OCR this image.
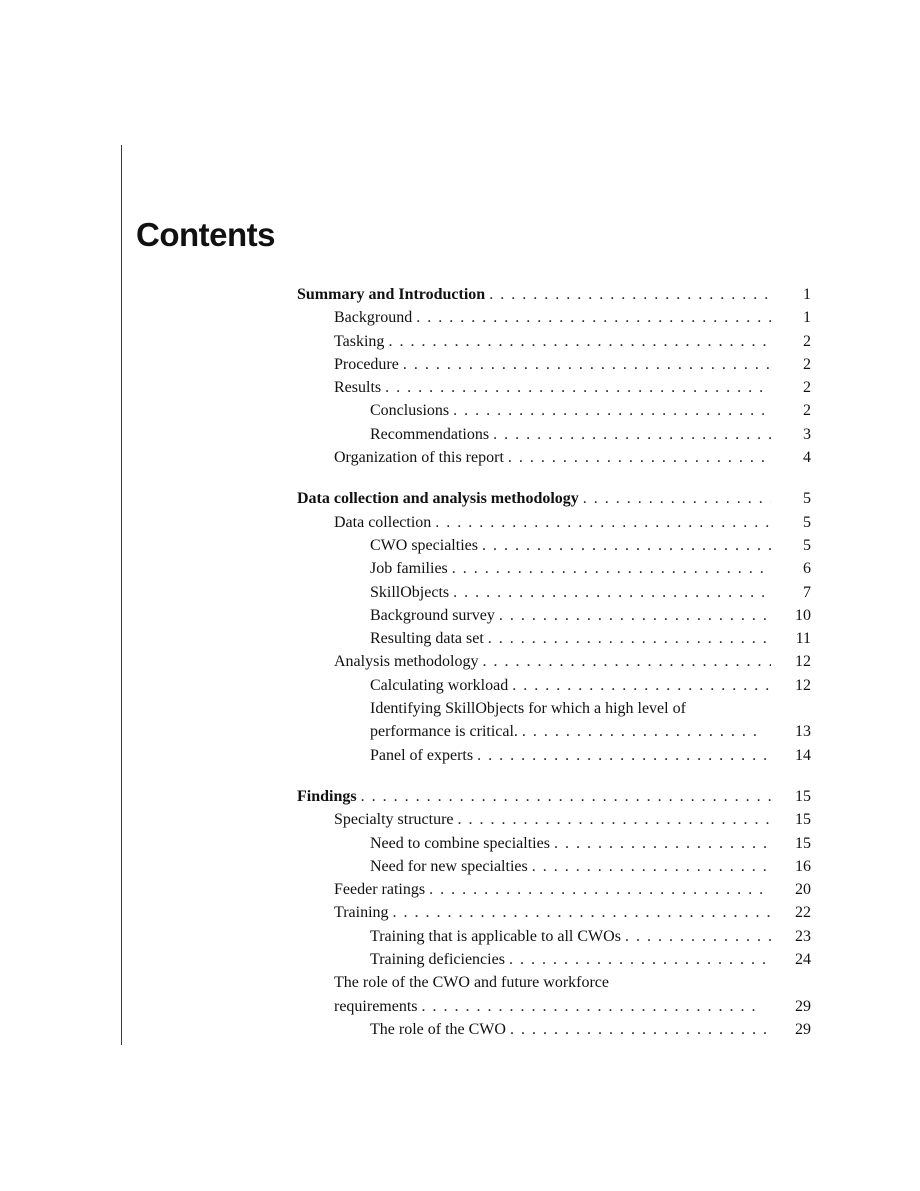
Contents
Summary and Introduction . . .	1
Background . . .	1
Tasking . . .	2
Procedure . . .	2
Results . . .	2
Conclusions . . .	2
Recommendations . . .	3
Organization of this report . . .	4
Data collection and analysis methodology . . .	5
Data collection . . .	5
CWO specialties . . .	5
Job families . . .	6
SkillObjects . . .	7
Background survey . . .	10
Resulting data set . . .	11
Analysis methodology . . .	12
Calculating workload . . .	12
Identifying SkillObjects for which a high level of
performance is critical. . . .	13
Panel of experts . . .	14
Findings . . .	15
Specialty structure . . .	15
Need to combine specialties . . .	15
Need for new specialties . . .	16
Feeder ratings . . .	20
Training . . .	22
Training that is applicable to all CWOs . . .	23
Training deficiencies . . .	24
The role of the CWO and future workforce
requirements . . .	29
The role of the CWO . . .	29
